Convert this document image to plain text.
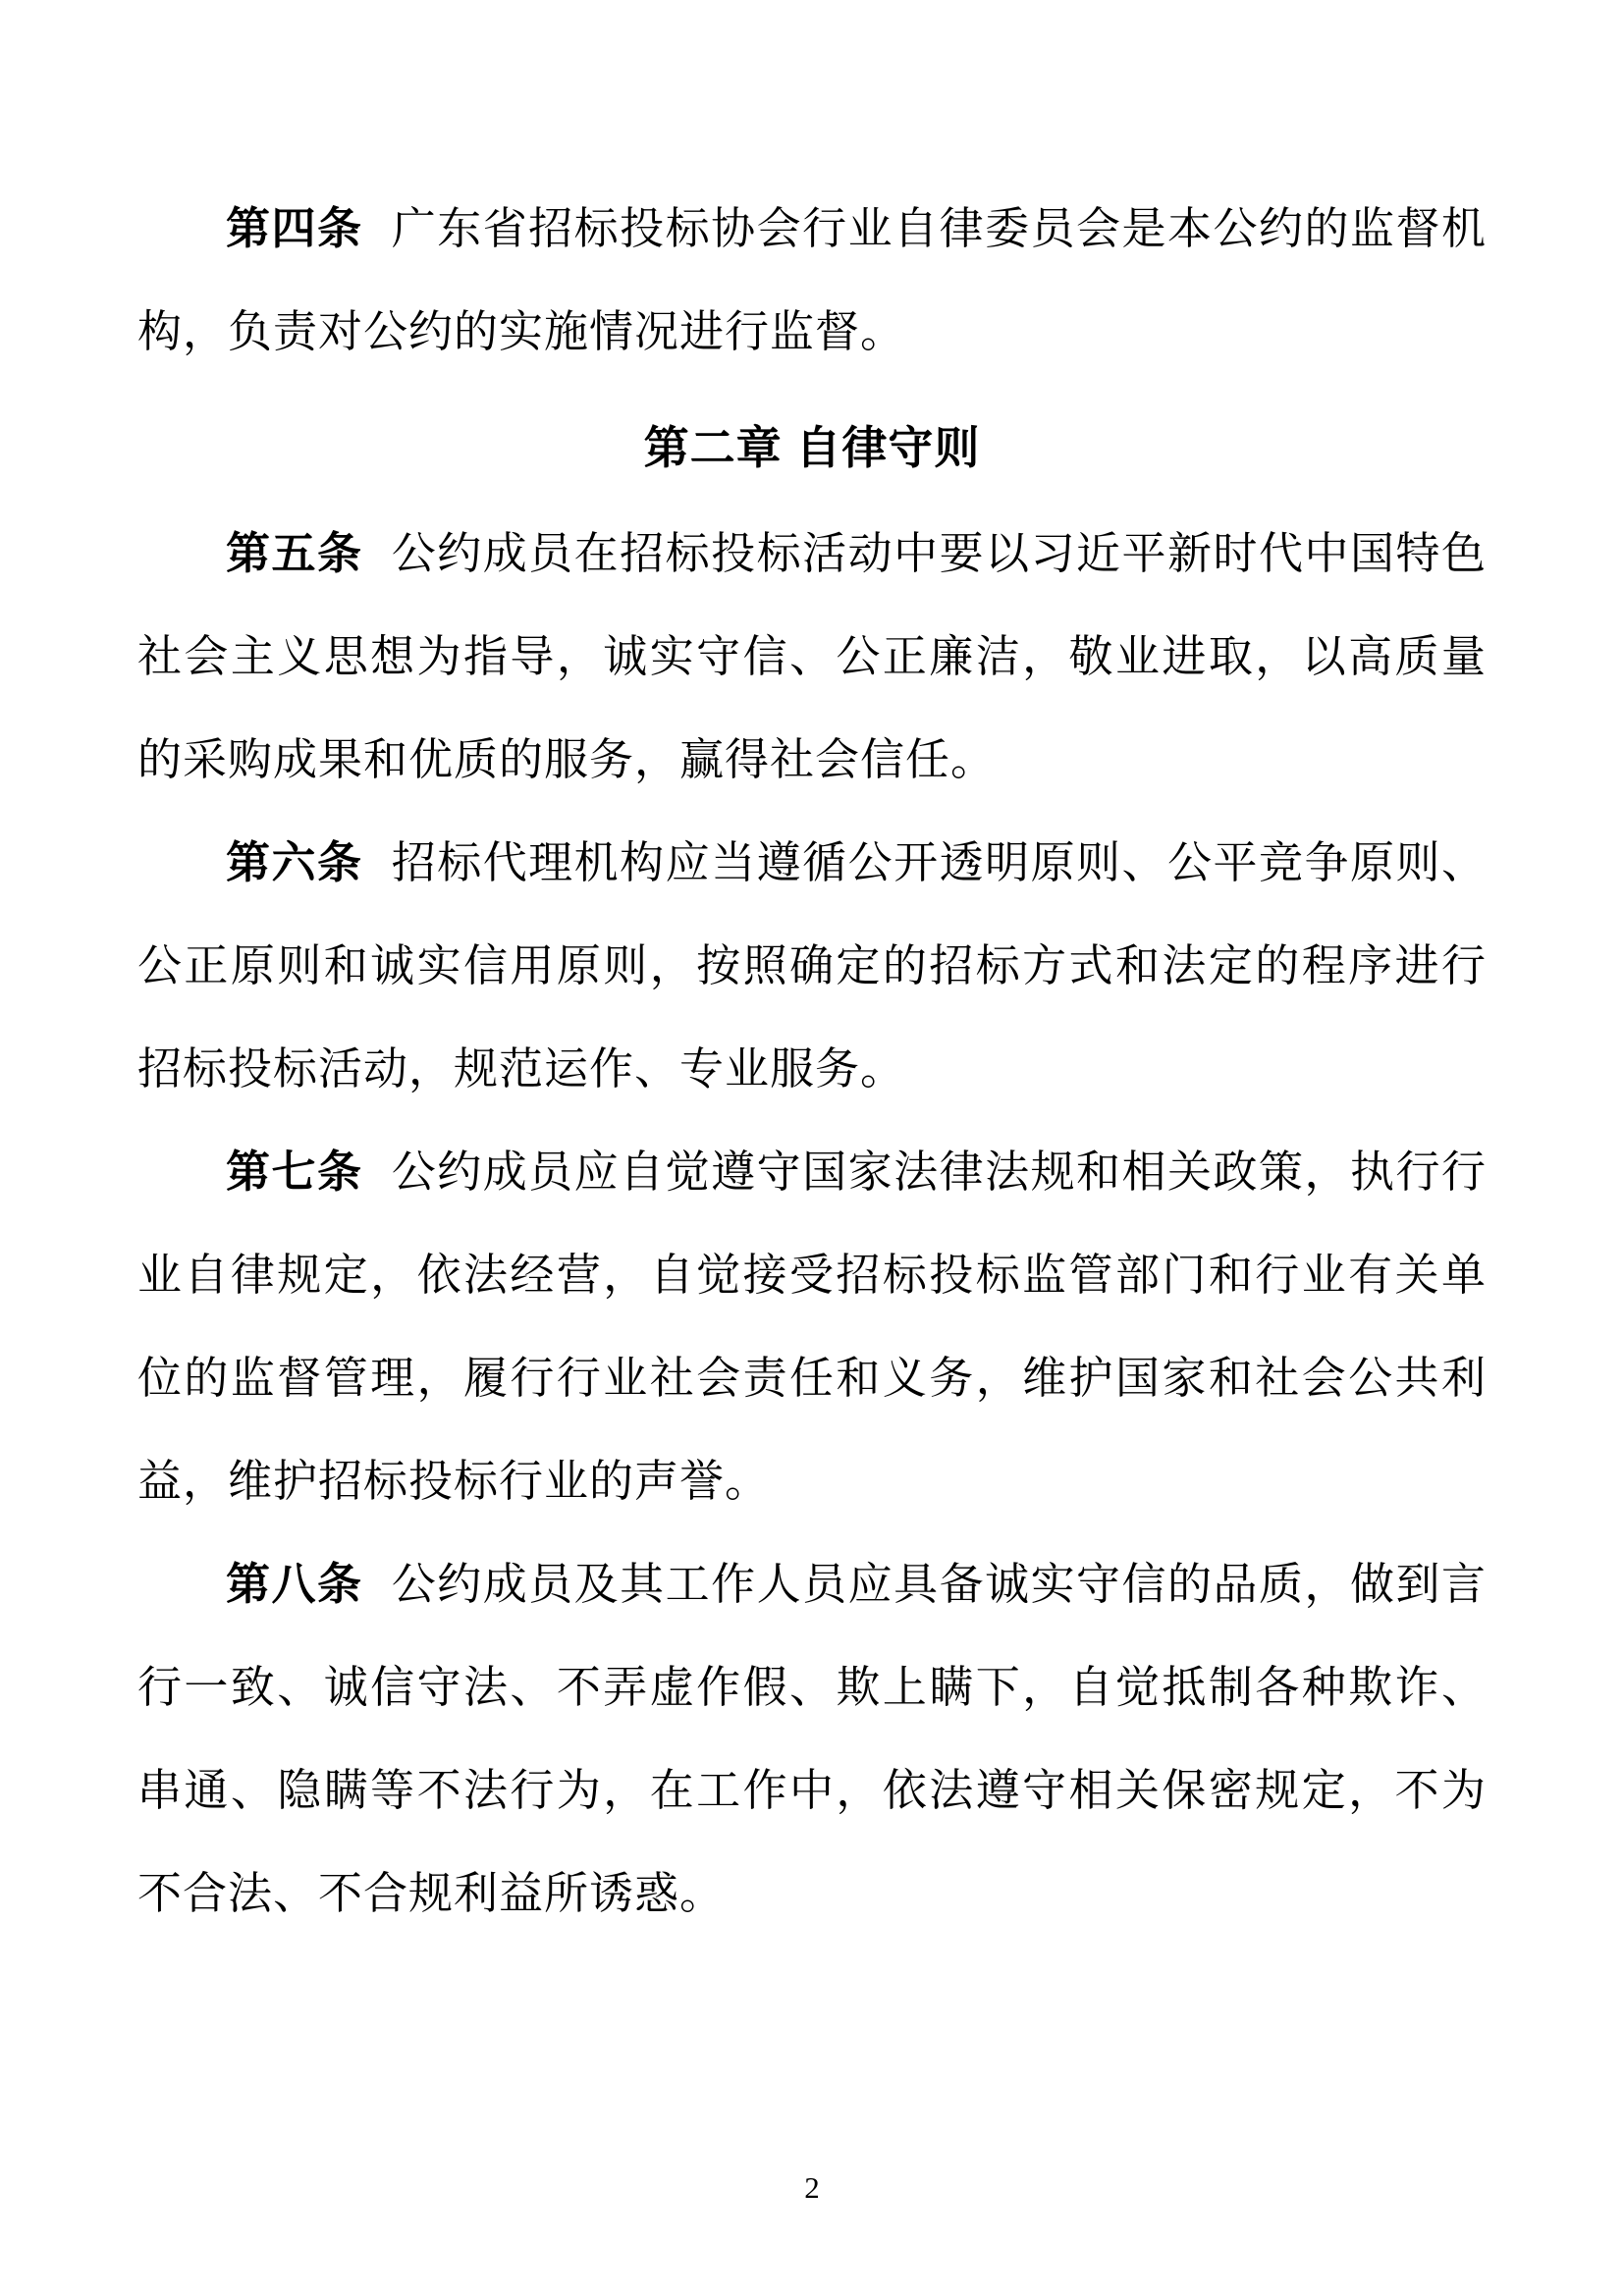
第四条 广东省招标投标协会行业自律委员会是本公约的监督机构，负责对公约的实施情况进行监督。

第二章 自律守则

第五条 公约成员在招标投标活动中要以习近平新时代中国特色社会主义思想为指导，诚实守信、公正廉洁，敬业进取，以高质量的采购成果和优质的服务，赢得社会信任。

第六条 招标代理机构应当遵循公开透明原则、公平竞争原则、公正原则和诚实信用原则，按照确定的招标方式和法定的程序进行招标投标活动，规范运作、专业服务。

第七条 公约成员应自觉遵守国家法律法规和相关政策，执行行业自律规定，依法经营，自觉接受招标投标监管部门和行业有关单位的监督管理，履行行业社会责任和义务，维护国家和社会公共利益，维护招标投标行业的声誉。

第八条 公约成员及其工作人员应具备诚实守信的品质，做到言行一致、诚信守法、不弄虚作假、欺上瞒下，自觉抵制各种欺诈、串通、隐瞒等不法行为，在工作中，依法遵守相关保密规定，不为不合法、不合规利益所诱惑。

2
